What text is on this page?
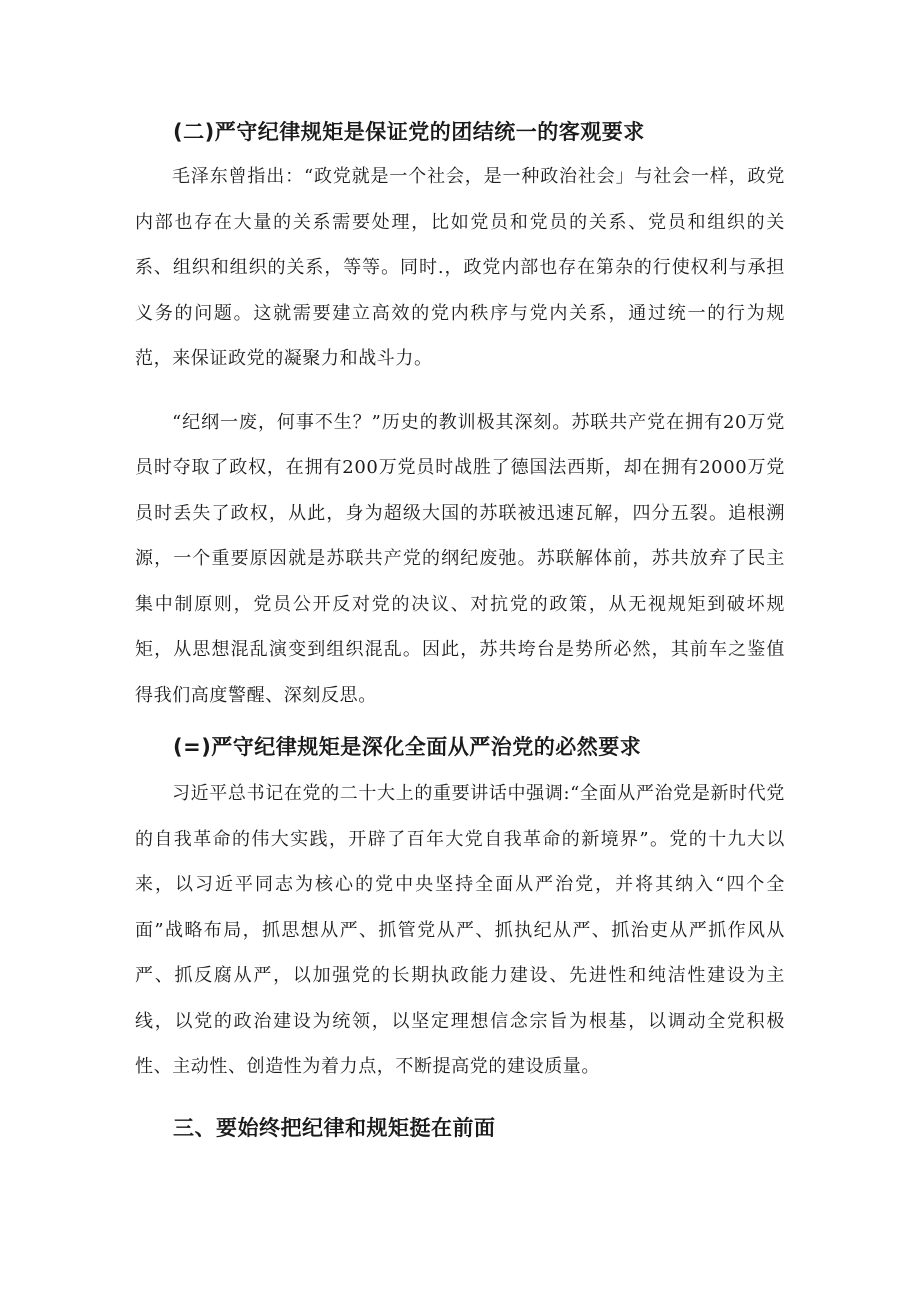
(二)严守纪律规矩是保证党的团结统一的客观要求

毛泽东曾指出：“政党就是一个社会，是一种政治社会」与社会一样，政党内部也存在大量的关系需要处理，比如党员和党员的关系、党员和组织的关系、组织和组织的关系，等等。同时.，政党内部也存在第杂的行使权利与承担义务的问题。这就需要建立高效的党内秩序与党内关系，通过统一的行为规范，来保证政党的凝聚力和战斗力。

“纪纲一废，何事不生？”历史的教训极其深刻。苏联共产党在拥有20万党员时夺取了政权，在拥有200万党员时战胜了德国法西斯，却在拥有2000万党员时丢失了政权，从此，身为超级大国的苏联被迅速瓦解，四分五裂。追根溯源，一个重要原因就是苏联共产党的纲纪废弛。苏联解体前，苏共放弃了民主集中制原则，党员公开反对党的决议、对抗党的政策，从无视规矩到破坏规矩，从思想混乱演变到组织混乱。因此，苏共垮台是势所必然，其前车之鉴值得我们高度警醒、深刻反思。

(=)严守纪律规矩是深化全面从严治党的必然要求

习近平总书记在党的二十大上的重要讲话中强调:“全面从严治党是新时代党的自我革命的伟大实践，开辟了百年大党自我革命的新境界”。党的十九大以来，以习近平同志为核心的党中央坚持全面从严治党，并将其纳入“四个全面”战略布局，抓思想从严、抓管党从严、抓执纪从严、抓治吏从严抓作风从严、抓反腐从严，以加强党的长期执政能力建设、先进性和纯洁性建设为主线，以党的政治建设为统领，以坚定理想信念宗旨为根基，以调动全党积极性、主动性、创造性为着力点，不断提高党的建设质量。

三、要始终把纪律和规矩挺在前面
